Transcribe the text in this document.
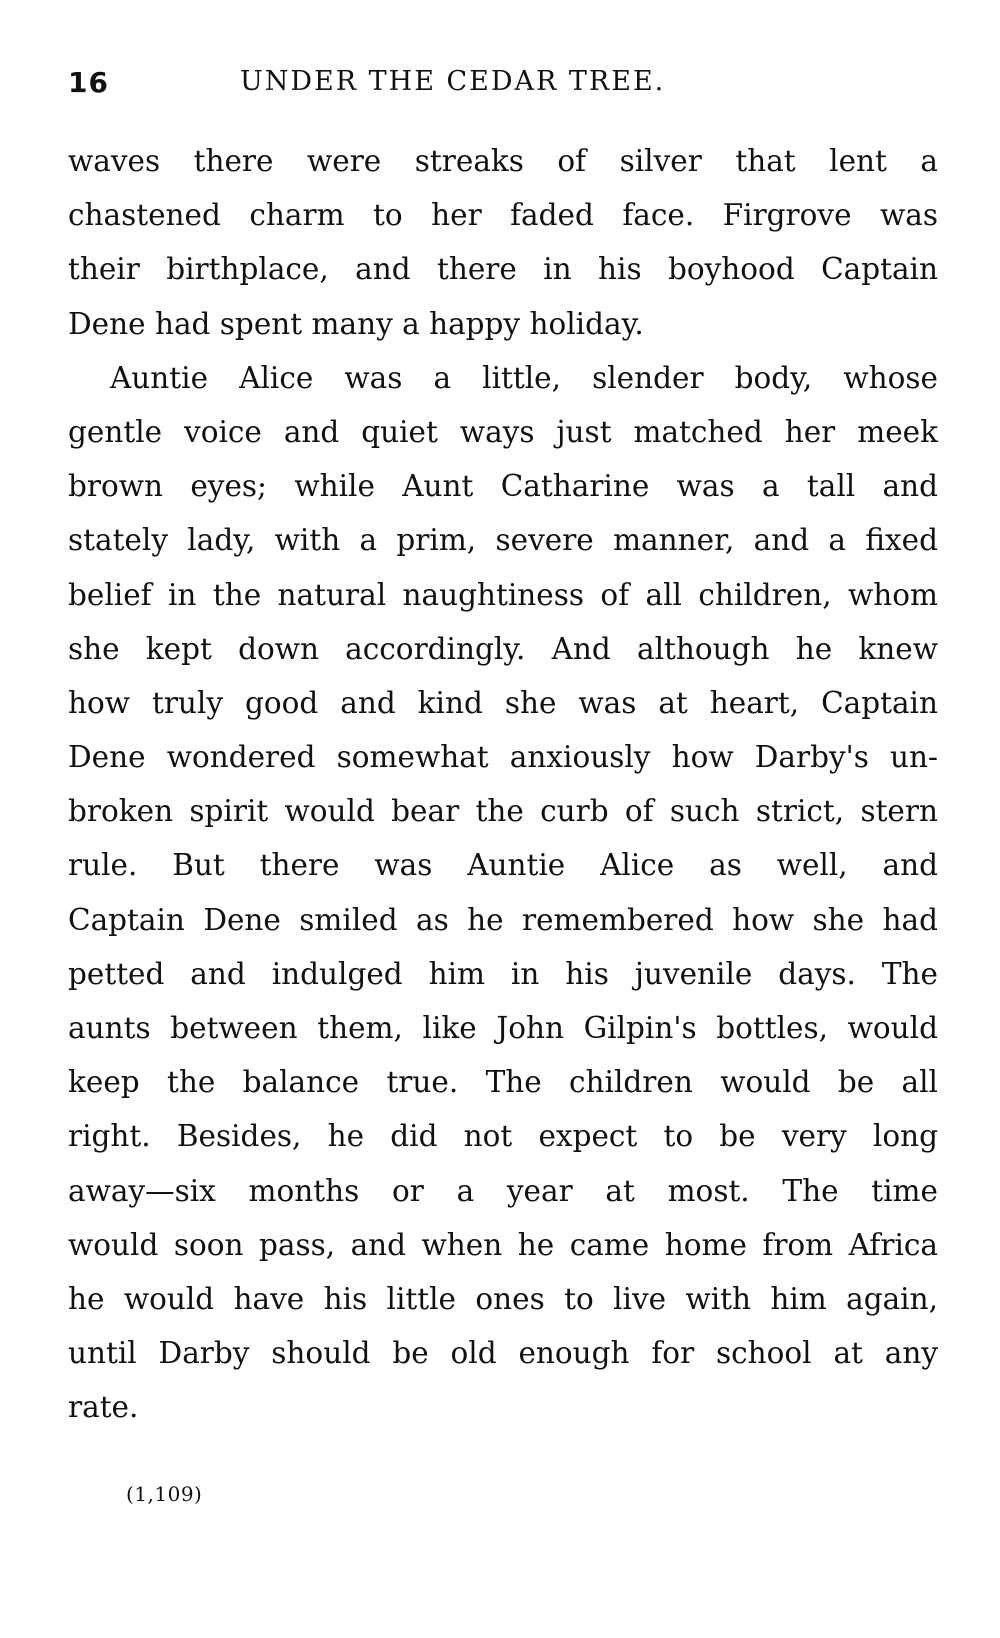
16	UNDER THE CEDAR TREE.
waves there were streaks of silver that lent a
chastened charm to her faded face. Firgrove was
their birthplace, and there in his boyhood Captain
Dene had spent many a happy holiday.
Auntie Alice was a little, slender body, whose
gentle voice and quiet ways just matched her meek
brown eyes; while Aunt Catharine was a tall and
stately lady, with a prim, severe manner, and a fixed
belief in the natural naughtiness of all children, whom
she kept down accordingly. And although he knew
how truly good and kind she was at heart, Captain
Dene wondered somewhat anxiously how Darby's un-
broken spirit would bear the curb of such strict, stern
rule. But there was Auntie Alice as well, and
Captain Dene smiled as he remembered how she had
petted and indulged him in his juvenile days. The
aunts between them, like John Gilpin's bottles, would
keep the balance true. The children would be all
right. Besides, he did not expect to be very long
away—six months or a year at most. The time
would soon pass, and when he came home from Africa
he would have his little ones to live with him again,
until Darby should be old enough for school at any
rate.
(1,109)
